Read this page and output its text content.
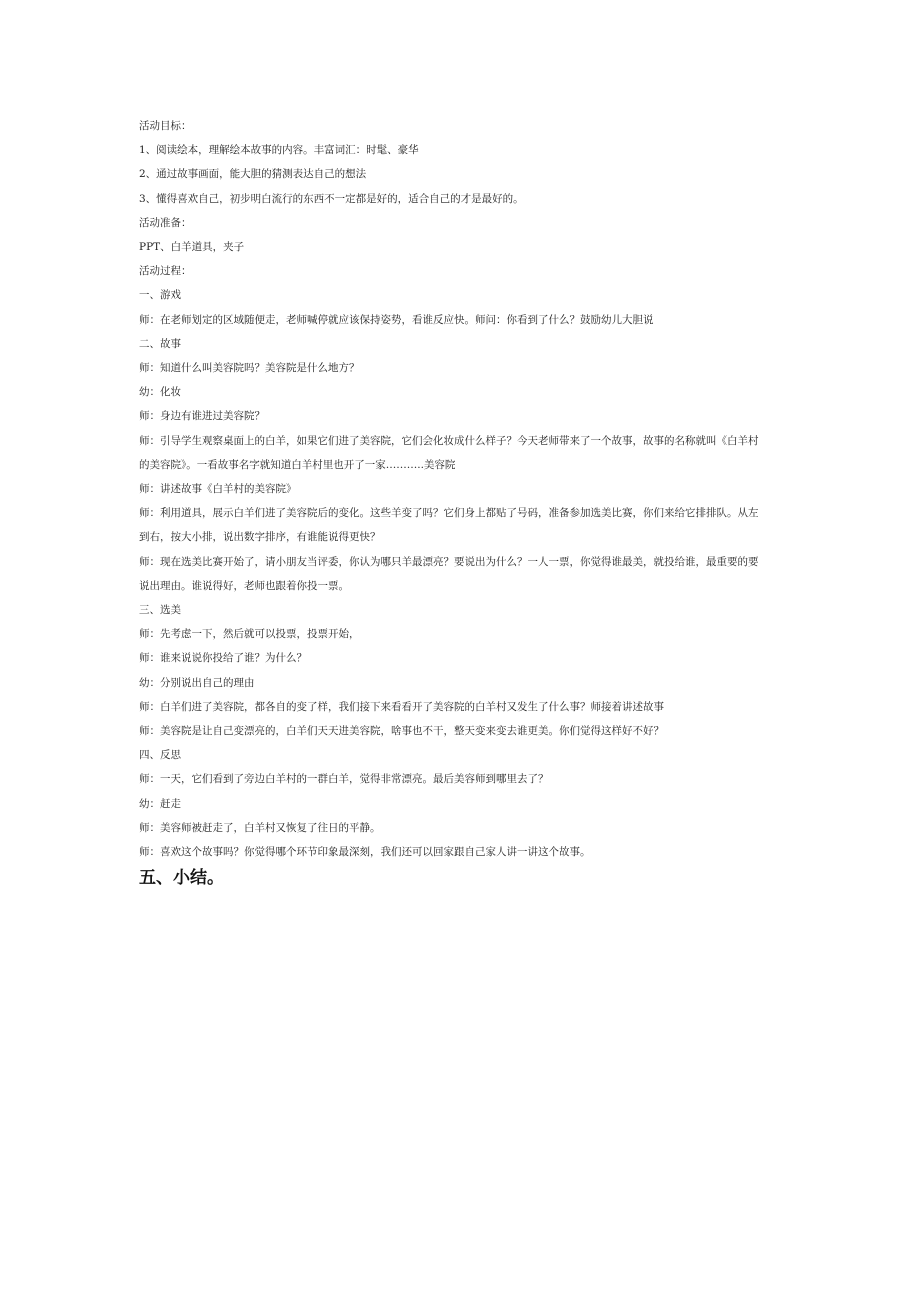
活动目标：
1、阅读绘本，理解绘本故事的内容。丰富词汇：时髦、豪华
2、通过故事画面，能大胆的猜测表达自己的想法
3、懂得喜欢自己，初步明白流行的东西不一定都是好的，适合自己的才是最好的。
活动准备：
PPT、白羊道具，夹子
活动过程：
一、游戏
师：在老师划定的区域随便走，老师喊停就应该保持姿势，看谁反应快。师问：你看到了什么？鼓励幼儿大胆说
二、故事
师：知道什么叫美容院吗？美容院是什么地方？
幼：化妆
师：身边有谁进过美容院？
师：引导学生观察桌面上的白羊，如果它们进了美容院，它们会化妆成什么样子？今天老师带来了一个故事，故事的名称就叫《白羊村
的美容院》。一看故事名字就知道白羊村里也开了一家………..美容院
师：讲述故事《白羊村的美容院》
师：利用道具，展示白羊们进了美容院后的变化。这些羊变了吗？它们身上都贴了号码，准备参加选美比赛，你们来给它排排队。从左
到右，按大小排，说出数字排序，有谁能说得更快？
师：现在选美比赛开始了，请小朋友当评委，你认为哪只羊最漂亮？要说出为什么？一人一票，你觉得谁最美，就投给谁，最重要的要
说出理由。谁说得好，老师也跟着你投一票。
三、选美
师：先考虑一下，然后就可以投票，投票开始，
师：谁来说说你投给了谁？为什么？
幼：分别说出自己的理由
师：白羊们进了美容院，都各自的变了样，我们接下来看看开了美容院的白羊村又发生了什么事？师接着讲述故事
师：美容院是让自己变漂亮的，白羊们天天进美容院，啥事也不干，整天变来变去谁更美。你们觉得这样好不好？
四、反思
师：一天，它们看到了旁边白羊村的一群白羊，觉得非常漂亮。最后美容师到哪里去了？
幼：赶走
师：美容师被赶走了，白羊村又恢复了往日的平静。
师：喜欢这个故事吗？你觉得哪个环节印象最深刻，我们还可以回家跟自己家人讲一讲这个故事。
五、小结。
